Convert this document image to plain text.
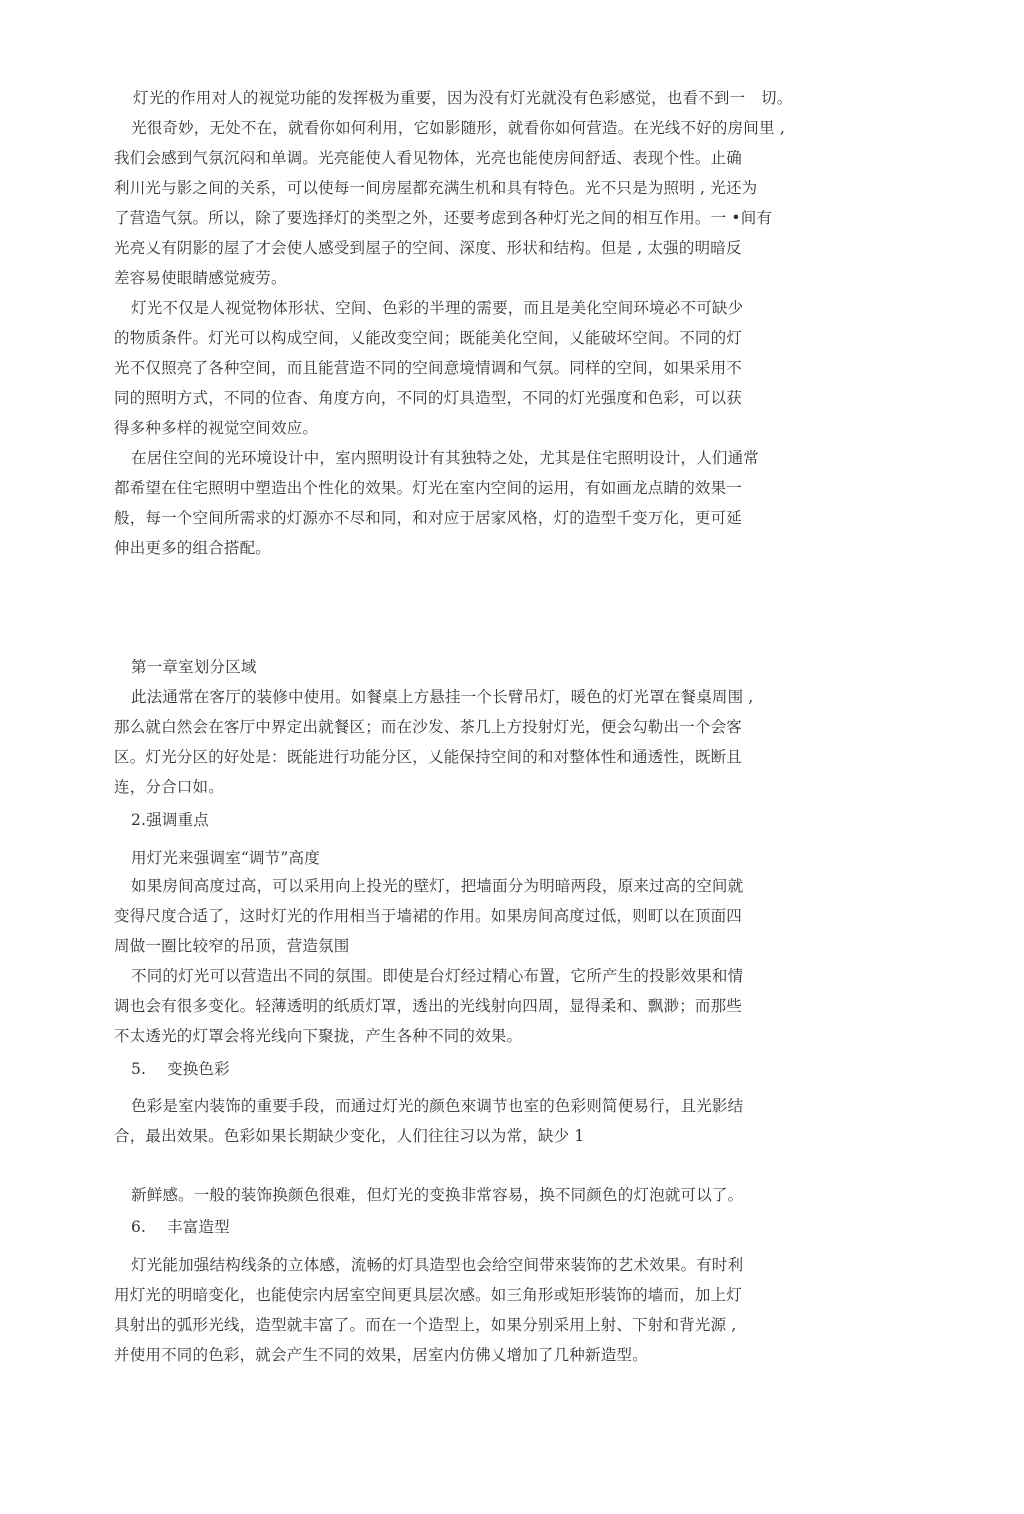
灯光的作用对人的视觉功能的发挥极为重要，因为没有灯光就没有色彩感觉，也看不到一　切。

光很奇妙，无处不在，就看你如何利用，它如影随形，就看你如何营造。在光线不好的房间里 ,

我们会感到气氛沉闷和单调。光亮能使人看见物体，光亮也能使房间舒适、表现个性。止确

利川光与影之间的关系，可以使每一间房屋都充满生机和具有特色。光不只是为照明 , 光还为

了营造气氛。所以，除了要选择灯的类型之外，还要考虑到各种灯光之间的相互作用。一 •间有

光亮乂有阴影的屋了才会使人感受到屋子的空间、深度、形状和结构。但是 , 太强的明暗反

差容易使眼睛感觉疲劳。

灯光不仅是人视觉物体形状、空间、色彩的半理的需要，而且是美化空间环境必不可缺少

的物质条件。灯光可以构成空间，乂能改变空间；既能美化空间，乂能破坏空间。不同的灯

光不仅照亮了各种空间，而且能营造不同的空间意境情调和气氛。同样的空间，如果采用不

同的照明方式，不同的位杳、角度方向，不同的灯具造型，不同的灯光强度和色彩，可以获

得多种多样的视觉空间效应。

在居住空间的光环境设计中，室内照明设计有其独特之处，尤其是住宅照明设计，人们通常

都希望在住宅照明中塑造出个性化的效果。灯光在室内空间的运用，有如画龙点睛的效果一

般，每一个空间所需求的灯源亦不尽和同，和对应于居家风格，灯的造型千变万化，更可延

伸出更多的组合搭配。

第一章室划分区域

此法通常在客厅的装修中使用。如餐桌上方悬挂一个长臂吊灯，暖色的灯光罩在餐桌周围 ,

那么就白然会在客厅中界定出就餐区；而在沙发、茶几上方投射灯光，便会勾勒出一个会客

区。灯光分区的好处是：既能进行功能分区，乂能保持空间的和对整体性和通透性，既断且

连，分合口如。

2.强调重点

用灯光来强调室“调节”高度

如果房间高度过高，可以采用向上投光的壁灯，把墙面分为明暗两段，原来过高的空间就

变得尺度合适了，这时灯光的作用相当于墙裙的作用。如果房间高度过低，则町以在顶面四

周做一圈比较窄的吊顶，营造氛围

不同的灯光可以营造出不同的氛围。即使是台灯经过精心布置，它所产生的投影效果和情

调也会有很多变化。轻薄透明的纸质灯罩，透出的光线射向四周，显得柔和、飘渺；而那些

不太透光的灯罩会将光线向下聚拢，产生各种不同的效果。

5.　 变换色彩

色彩是室内装饰的重要手段，而通过灯光的颜色來调节也室的色彩则简便易行，且光影结

合，最出效果。色彩如果长期缺少变化，人们往往习以为常，缺少 1

新鲜感。一般的装饰换颜色很难，但灯光的变换非常容易，换不同颜色的灯泡就可以了。

6.　 丰富造型

灯光能加强结构线条的立体感，流畅的灯具造型也会给空间带來装饰的艺术效果。有时利

用灯光的明暗变化，也能使宗内居室空间更具层次感。如三角形或矩形装饰的墙而，加上灯

具射出的弧形光线，造型就丰富了。而在一个造型上，如果分别采用上射、下射和背光源 ,

并使用不同的色彩，就会产生不同的效果，居室内仿佛乂增加了几种新造型。
